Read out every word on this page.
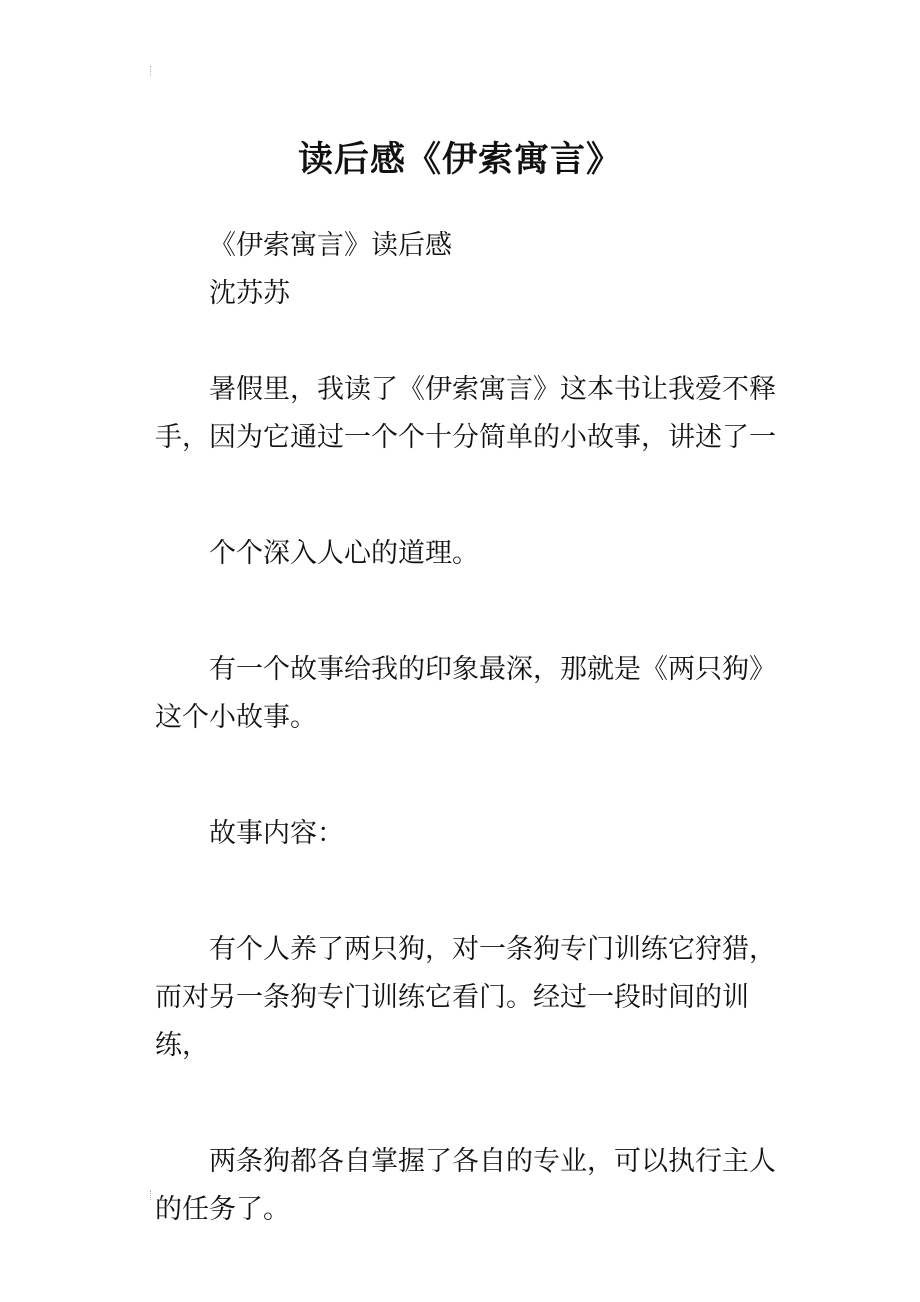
读后感《伊索寓言》

《伊索寓言》读后感

沈苏苏

暑假里，我读了《伊索寓言》这本书让我爱不释手，因为它通过一个个十分简单的小故事，讲述了一

个个深入人心的道理。

有一个故事给我的印象最深，那就是《两只狗》这个小故事。

故事内容：

有个人养了两只狗，对一条狗专门训练它狩猎，而对另一条狗专门训练它看门。经过一段时间的训练，

两条狗都各自掌握了各自的专业，可以执行主人的任务了。
